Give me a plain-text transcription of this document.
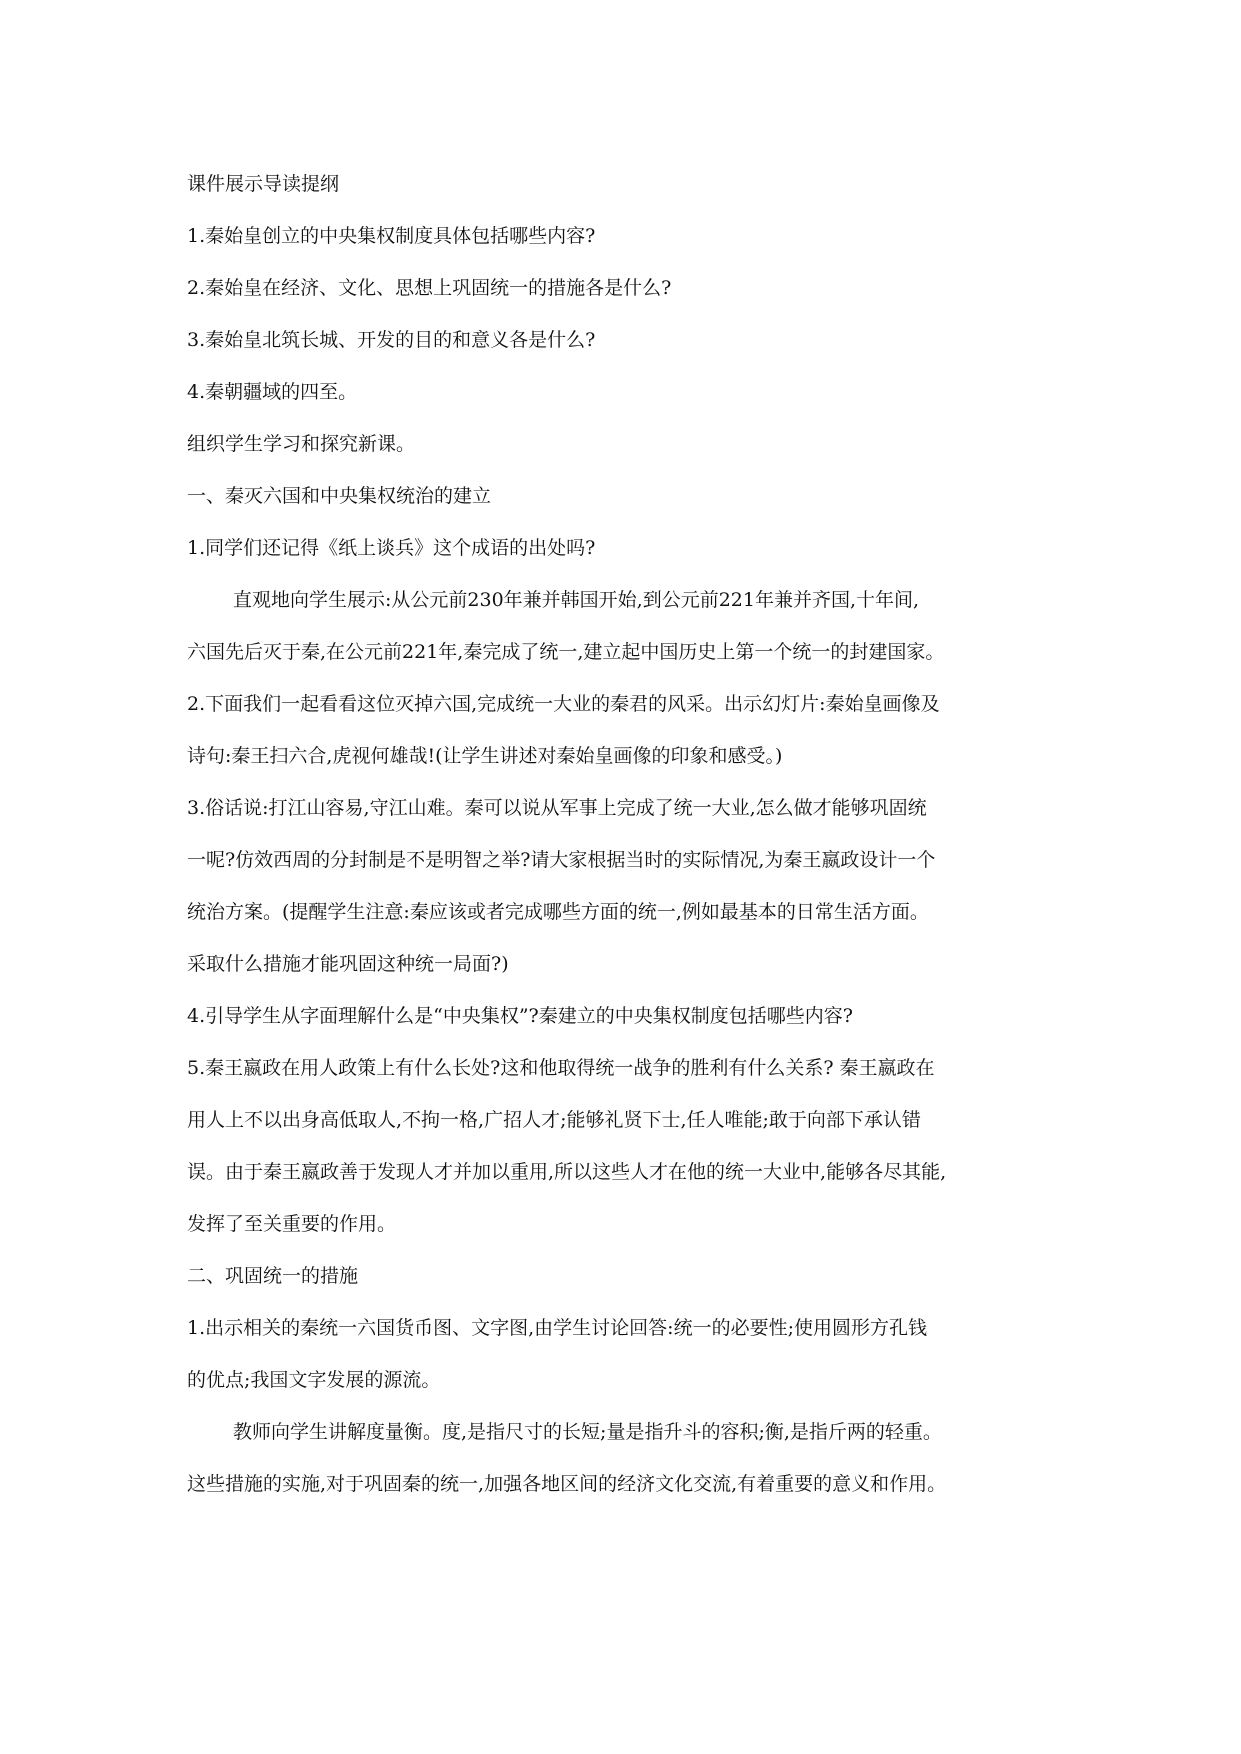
课件展示导读提纲

1.秦始皇创立的中央集权制度具体包括哪些内容?

2.秦始皇在经济、文化、思想上巩固统一的措施各是什么?

3.秦始皇北筑长城、开发的目的和意义各是什么?

4.秦朝疆域的四至。

组织学生学习和探究新课。

一、秦灭六国和中央集权统治的建立

1.同学们还记得《纸上谈兵》这个成语的出处吗?

直观地向学生展示:从公元前230年兼并韩国开始,到公元前221年兼并齐国,十年间,

六国先后灭于秦,在公元前221年,秦完成了统一,建立起中国历史上第一个统一的封建国家。

2.下面我们一起看看这位灭掉六国,完成统一大业的秦君的风采。出示幻灯片:秦始皇画像及

诗句:秦王扫六合,虎视何雄哉!(让学生讲述对秦始皇画像的印象和感受。)

3.俗话说:打江山容易,守江山难。秦可以说从军事上完成了统一大业,怎么做才能够巩固统

一呢?仿效西周的分封制是不是明智之举?请大家根据当时的实际情况,为秦王嬴政设计一个

统治方案。(提醒学生注意:秦应该或者完成哪些方面的统一,例如最基本的日常生活方面。

采取什么措施才能巩固这种统一局面?)

4.引导学生从字面理解什么是“中央集权”?秦建立的中央集权制度包括哪些内容?

5.秦王嬴政在用人政策上有什么长处?这和他取得统一战争的胜利有什么关系? 秦王嬴政在

用人上不以出身高低取人,不拘一格,广招人才;能够礼贤下士,任人唯能;敢于向部下承认错

误。由于秦王嬴政善于发现人才并加以重用,所以这些人才在他的统一大业中,能够各尽其能,

发挥了至关重要的作用。

二、巩固统一的措施

1.出示相关的秦统一六国货币图、文字图,由学生讨论回答:统一的必要性;使用圆形方孔钱

的优点;我国文字发展的源流。

教师向学生讲解度量衡。度,是指尺寸的长短;量是指升斗的容积;衡,是指斤两的轻重。

这些措施的实施,对于巩固秦的统一,加强各地区间的经济文化交流,有着重要的意义和作用。
